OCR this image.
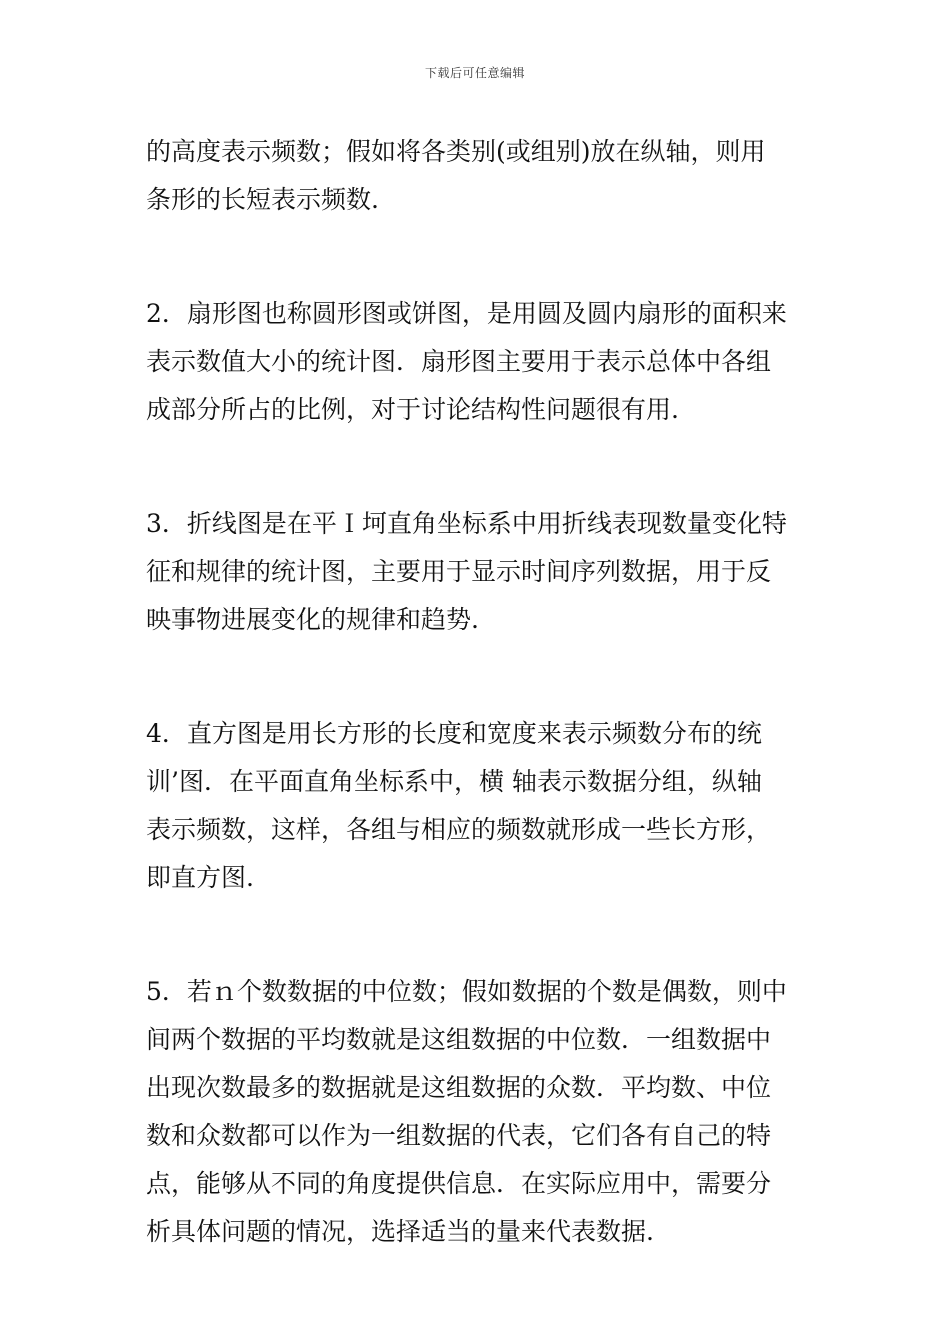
下载后可任意编辑

的高度表示频数；假如将各类别(或组别)放在纵轴，则用
条形的长短表示频数.

2．扇形图也称圆形图或饼图，是用圆及圆内扇形的面积来
表示数值大小的统计图．扇形图主要用于表示总体中各组
成部分所占的比例，对于讨论结构性问题很有用.

3．折线图是在平Ｉ坷直角坐标系中用折线表现数量变化特
征和规律的统计图，主要用于显示时间序列数据，用于反
映事物进展变化的规律和趋势.

4．直方图是用长方形的长度和宽度来表示频数分布的统
训’图．在平面直角坐标系中，横 轴表示数据分组，纵轴
表示频数，这样，各组与相应的频数就形成一些长方形，
即直方图.

5．若ｎ个数数据的中位数；假如数据的个数是偶数，则中
间两个数据的平均数就是这组数据的中位数．一组数据中
出现次数最多的数据就是这组数据的众数．平均数、中位
数和众数都可以作为一组数据的代表，它们各有自己的特
点，能够从不同的角度提供信息．在实际应用中，需要分
析具体问题的情况，选择适当的量来代表数据.
